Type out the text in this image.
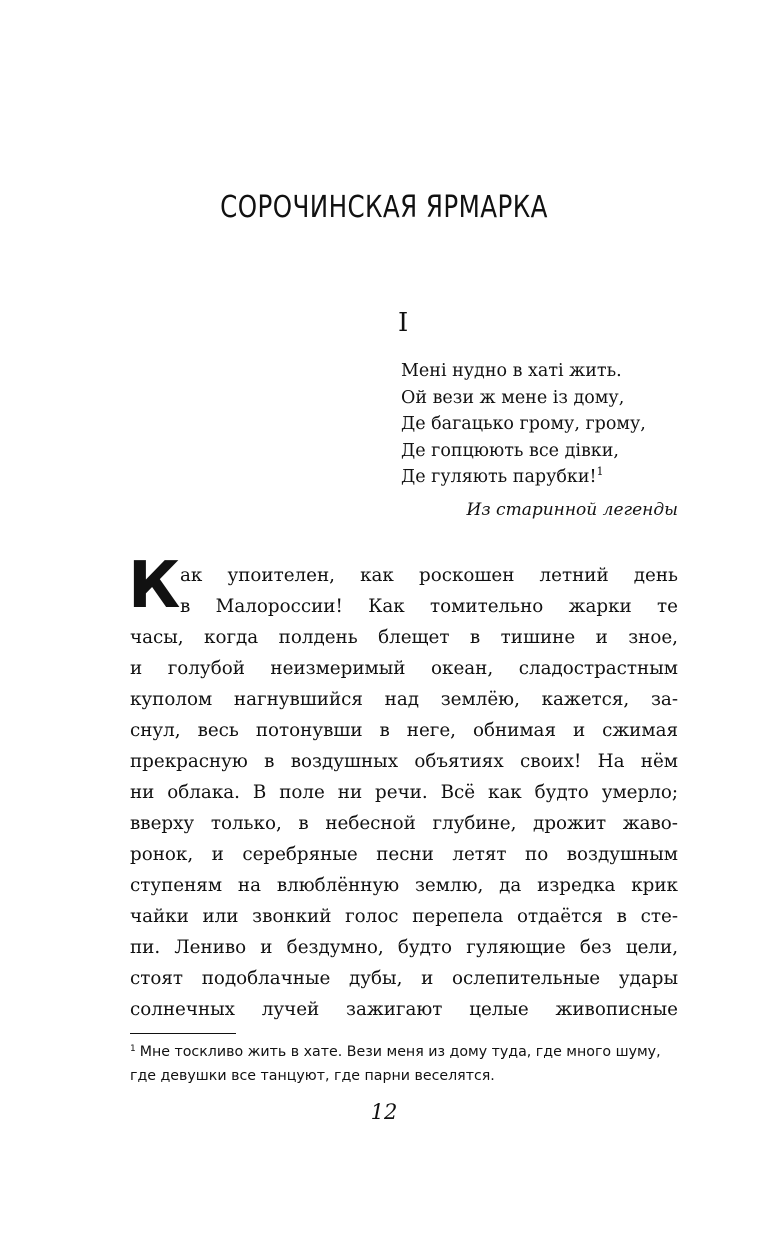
СОРОЧИНСКАЯ ЯРМАРКА
I
Мені нудно в хаті жить.
Ой вези ж мене із дому,
Де багацько грому, грому,
Де гопцюють все дівки,
Де гуляють парубки!$^1$
Из старинной легенды
К ак упоителен, как роскошен летний день
в Малороссии! Как томительно жарки те
часы, когда полдень блещет в тишине и зное,
и голубой неизмеримый океан, сладострастным
куполом нагнувшийся над землёю, кажется, за-
снул, весь потонувши в неге, обнимая и сжимая
прекрасную в воздушных объятиях своих! На нём
ни облака. В поле ни речи. Всё как будто умерло;
вверху только, в небесной глубине, дрожит жаво-
ронок, и серебряные песни летят по воздушным
ступеням на влюблённую землю, да изредка крик
чайки или звонкий голос перепела отдаётся в сте-
пи. Лениво и бездумно, будто гуляющие без цели,
стоят подоблачные дубы, и ослепительные удары
солнечных лучей зажигают целые живописные
$^1$ Мне тоскливо жить в хате. Вези меня из дому туда, где много шуму, где девушки все танцуют, где парни веселятся.
12
